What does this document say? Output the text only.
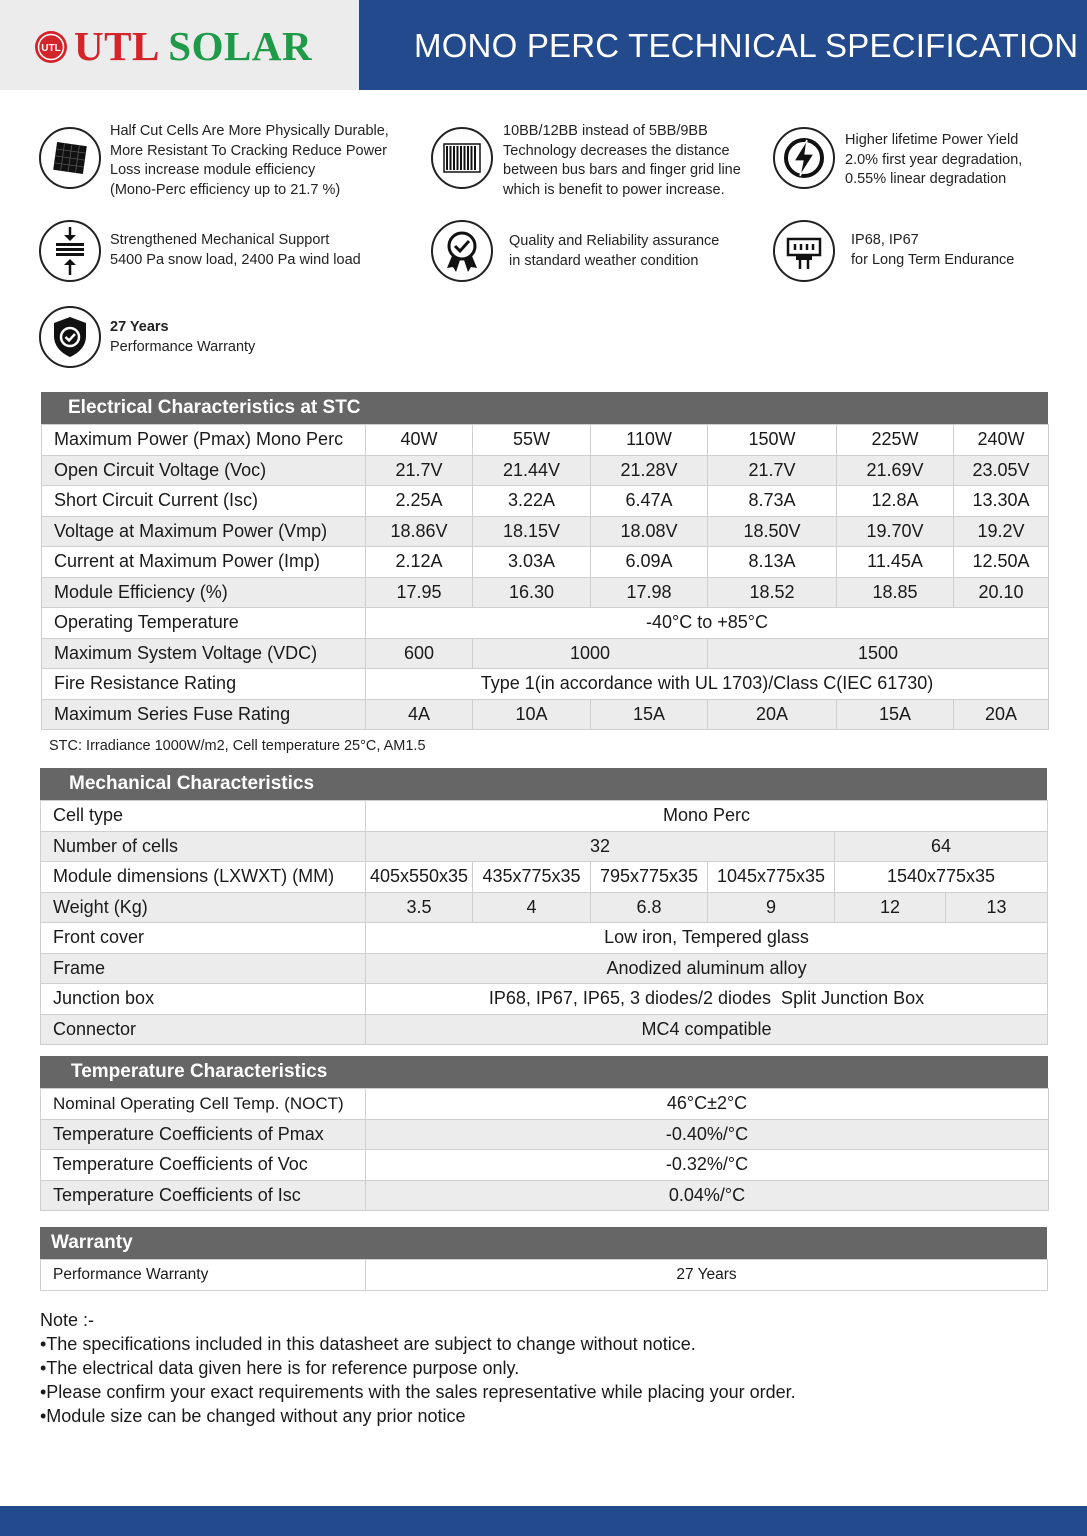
UTL UTL SOLAR	MONO PERC TECHNICAL SPECIFICATION
Half Cut Cells Are More Physically Durable,
More Resistant To Cracking Reduce Power
Loss increase module efficiency
(Mono-Perc efficiency up to 21.7 %)
10BB/12BB instead of 5BB/9BB
Technology decreases the distance
between bus bars and finger grid line
which is benefit to power increase.
Higher lifetime Power Yield
2.0% first year degradation,
0.55% linear degradation
Strengthened Mechanical Support
5400 Pa snow load, 2400 Pa wind load
Quality and Reliability assurance
in standard weather condition
IP68, IP67
for Long Term Endurance
27 Years
Performance Warranty
Electrical Characteristics at STC
Maximum Power (Pmax) Mono Perc	40W	55W	110W	150W	225W	240W
Open Circuit Voltage (Voc)	21.7V	21.44V	21.28V	21.7V	21.69V	23.05V
Short Circuit Current (Isc)	2.25A	3.22A	6.47A	8.73A	12.8A	13.30A
Voltage at Maximum Power (Vmp)	18.86V	18.15V	18.08V	18.50V	19.70V	19.2V
Current at Maximum Power (Imp)	2.12A	3.03A	6.09A	8.13A	11.45A	12.50A
Module Efficiency (%)	17.95	16.30	17.98	18.52	18.85	20.10
Operating Temperature	-40°C to +85°C					
Maximum System Voltage (VDC)	600	1000		1500		
Fire Resistance Rating	Type 1(in accordance with UL 1703)/Class C(IEC 61730)					
Maximum Series Fuse Rating	4A	10A	15A	20A	15A	20A
STC: Irradiance 1000W/m2, Cell temperature 25°C, AM1.5
Mechanical Characteristics
Cell type	Mono Perc					
Number of cells	32				64	
Module dimensions (LXWXT) (MM)	405x550x35	435x775x35	795x775x35	1045x775x35	1540x775x35	
Weight (Kg)	3.5	4	6.8	9	12	13
Front cover	Low iron, Tempered glass					
Frame	Anodized aluminum alloy					
Junction box	IP68, IP67, IP65, 3 diodes/2 diodes  Split Junction Box					
Connector	MC4 compatible					
Temperature Characteristics
Nominal Operating Cell Temp. (NOCT)	46°C±2°C
Temperature Coefficients of Pmax	-0.40%/°C
Temperature Coefficients of Voc	-0.32%/°C
Temperature Coefficients of Isc	0.04%/°C
Warranty
Performance Warranty	27 Years
Note :-
•The specifications included in this datasheet are subject to change without notice.
•The electrical data given here is for reference purpose only.
•Please confirm your exact requirements with the sales representative while placing your order.
•Module size can be changed without any prior notice
